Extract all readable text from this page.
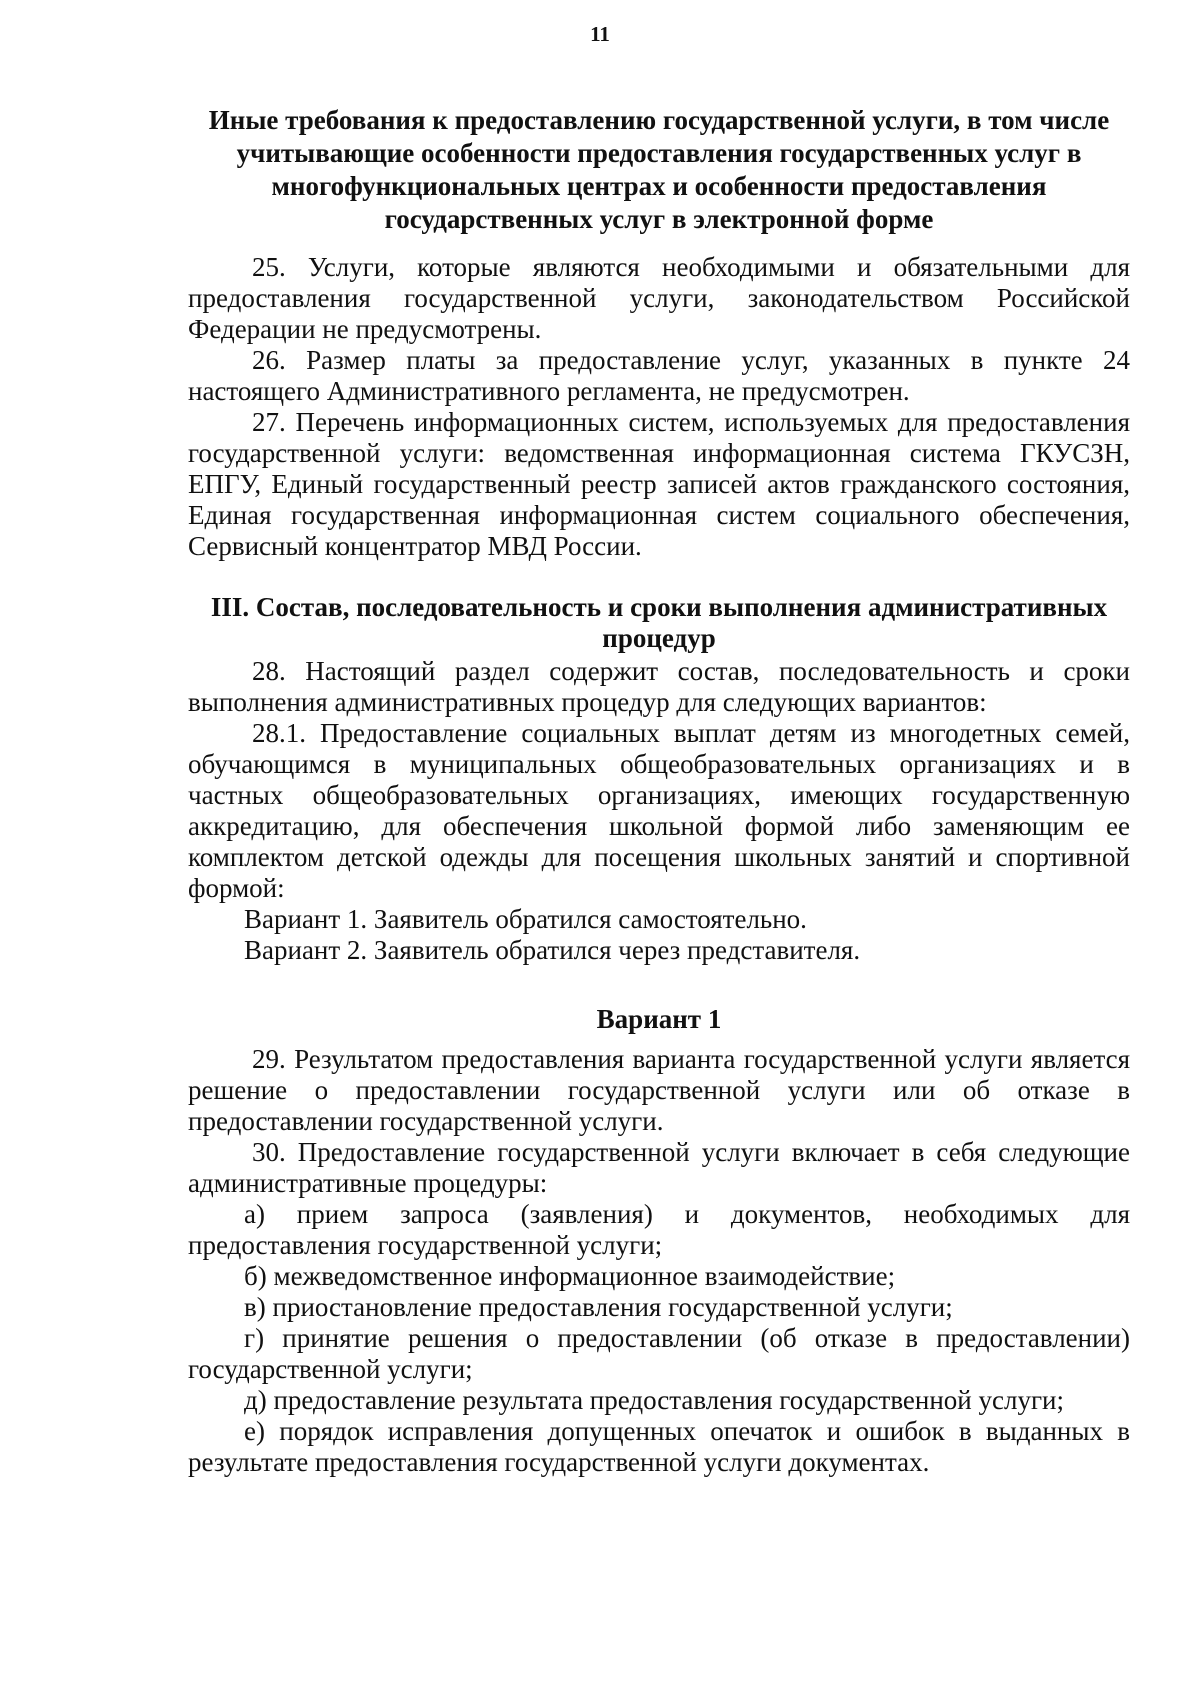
11
Иные требования к предоставлению государственной услуги, в том числе учитывающие особенности предоставления государственных услуг в многофункциональных центрах и особенности предоставления государственных услуг в электронной форме

25. Услуги, которые являются необходимыми и обязательными для предоставления государственной услуги, законодательством Российской Федерации не предусмотрены.

26. Размер платы за предоставление услуг, указанных в пункте 24 настоящего Административного регламента, не предусмотрен.

27. Перечень информационных систем, используемых для предоставления государственной услуги: ведомственная информационная система ГКУСЗН, ЕПГУ, Единый государственный реестр записей актов гражданского состояния, Единая государственная информационная систем социального обеспечения, Сервисный концентратор МВД России.

III. Состав, последовательность и сроки выполнения административных процедур

28. Настоящий раздел содержит состав, последовательность и сроки выполнения административных процедур для следующих вариантов:

28.1. Предоставление социальных выплат детям из многодетных семей, обучающимся в муниципальных общеобразовательных организациях и в частных общеобразовательных организациях, имеющих государственную аккредитацию, для обеспечения школьной формой либо заменяющим ее комплектом детской одежды для посещения школьных занятий и спортивной формой:

Вариант 1. Заявитель обратился самостоятельно.

Вариант 2. Заявитель обратился через представителя.

Вариант 1

29. Результатом предоставления варианта государственной услуги является решение о предоставлении государственной услуги или об отказе в предоставлении государственной услуги.

30. Предоставление государственной услуги включает в себя следующие административные процедуры:

а) прием запроса (заявления) и документов, необходимых для предоставления государственной услуги;

б) межведомственное информационное взаимодействие;

в) приостановление предоставления государственной услуги;

г) принятие решения о предоставлении (об отказе в предоставлении) государственной услуги;

д) предоставление результата предоставления государственной услуги;

е) порядок исправления допущенных опечаток и ошибок в выданных в результате предоставления государственной услуги документах.
